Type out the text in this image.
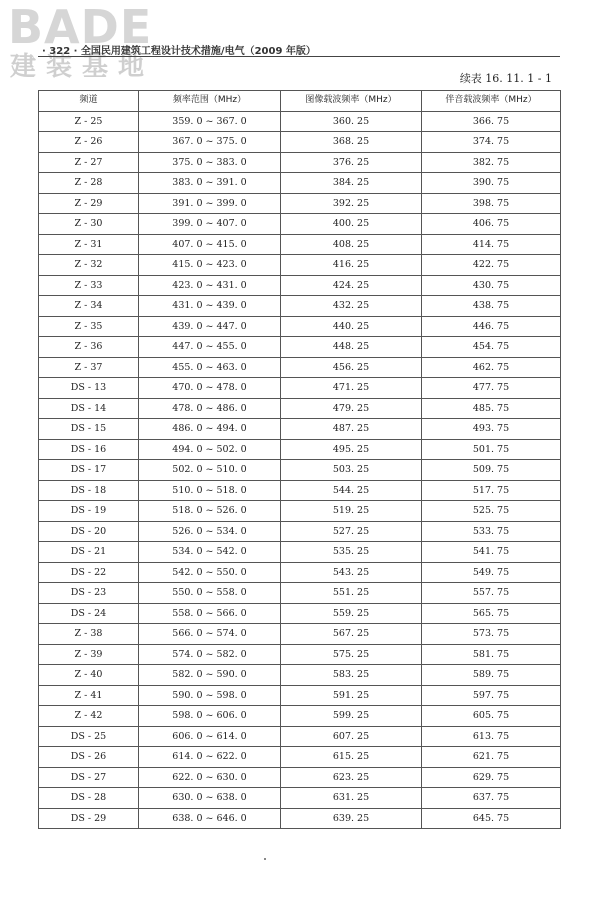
BADE
建装基地
· 322 · 全国民用建筑工程设计技术措施/电气（2009 年版）
续表 16. 11. 1 - 1
频道	频率范围（MHz）	图像载波频率（MHz）	伴音载波频率（MHz）
Z - 25	359. 0 ~ 367. 0	360. 25	366. 75
Z - 26	367. 0 ~ 375. 0	368. 25	374. 75
Z - 27	375. 0 ~ 383. 0	376. 25	382. 75
Z - 28	383. 0 ~ 391. 0	384. 25	390. 75
Z - 29	391. 0 ~ 399. 0	392. 25	398. 75
Z - 30	399. 0 ~ 407. 0	400. 25	406. 75
Z - 31	407. 0 ~ 415. 0	408. 25	414. 75
Z - 32	415. 0 ~ 423. 0	416. 25	422. 75
Z - 33	423. 0 ~ 431. 0	424. 25	430. 75
Z - 34	431. 0 ~ 439. 0	432. 25	438. 75
Z - 35	439. 0 ~ 447. 0	440. 25	446. 75
Z - 36	447. 0 ~ 455. 0	448. 25	454. 75
Z - 37	455. 0 ~ 463. 0	456. 25	462. 75
DS - 13	470. 0 ~ 478. 0	471. 25	477. 75
DS - 14	478. 0 ~ 486. 0	479. 25	485. 75
DS - 15	486. 0 ~ 494. 0	487. 25	493. 75
DS - 16	494. 0 ~ 502. 0	495. 25	501. 75
DS - 17	502. 0 ~ 510. 0	503. 25	509. 75
DS - 18	510. 0 ~ 518. 0	544. 25	517. 75
DS - 19	518. 0 ~ 526. 0	519. 25	525. 75
DS - 20	526. 0 ~ 534. 0	527. 25	533. 75
DS - 21	534. 0 ~ 542. 0	535. 25	541. 75
DS - 22	542. 0 ~ 550. 0	543. 25	549. 75
DS - 23	550. 0 ~ 558. 0	551. 25	557. 75
DS - 24	558. 0 ~ 566. 0	559. 25	565. 75
Z - 38	566. 0 ~ 574. 0	567. 25	573. 75
Z - 39	574. 0 ~ 582. 0	575. 25	581. 75
Z - 40	582. 0 ~ 590. 0	583. 25	589. 75
Z - 41	590. 0 ~ 598. 0	591. 25	597. 75
Z - 42	598. 0 ~ 606. 0	599. 25	605. 75
DS - 25	606. 0 ~ 614. 0	607. 25	613. 75
DS - 26	614. 0 ~ 622. 0	615. 25	621. 75
DS - 27	622. 0 ~ 630. 0	623. 25	629. 75
DS - 28	630. 0 ~ 638. 0	631. 25	637. 75
DS - 29	638. 0 ~ 646. 0	639. 25	645. 75
